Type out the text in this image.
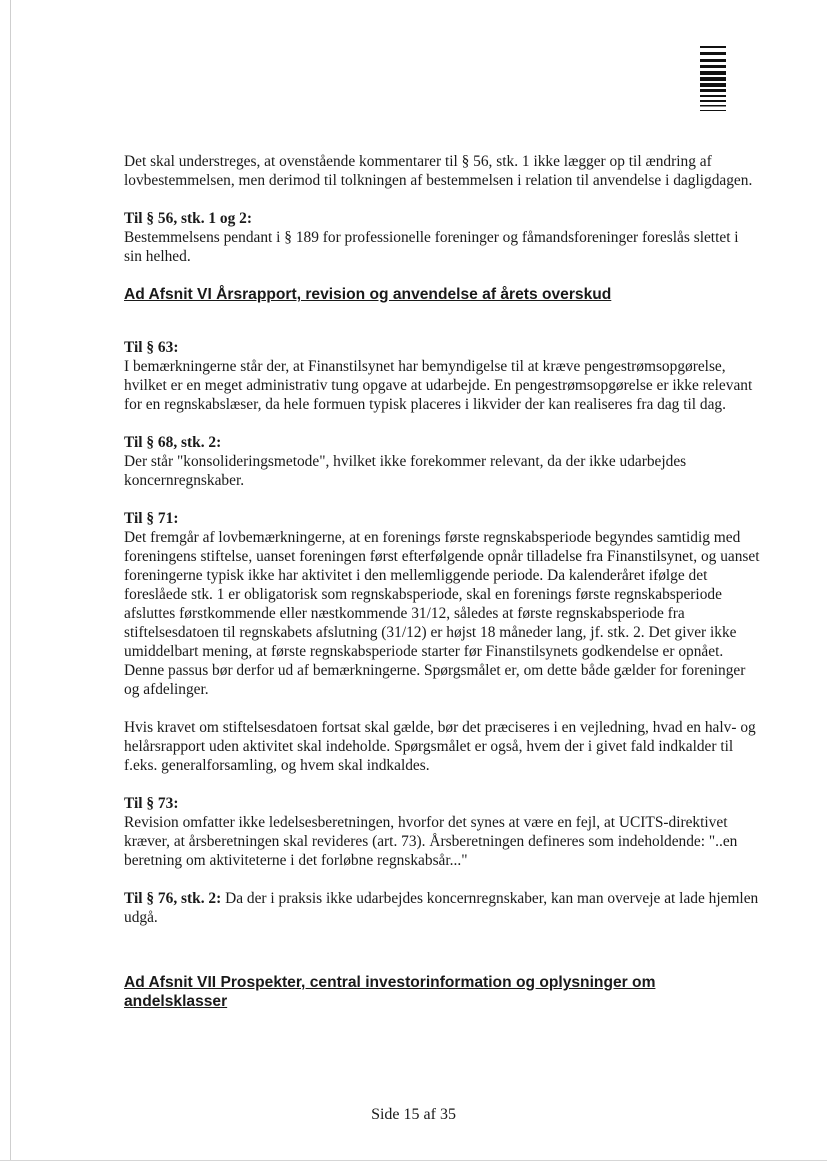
Det skal understreges, at ovenstående kommentarer til § 56, stk. 1 ikke lægger op til ændring af lovbestemmelsen, men derimod til tolkningen af bestemmelsen i relation til anvendelse i dagligdagen.

Til § 56, stk. 1 og 2:

Bestemmelsens pendant i § 189 for professionelle foreninger og fåmandsforeninger foreslås slettet i sin helhed.

Ad Afsnit VI Årsrapport, revision og anvendelse af årets overskud

Til § 63:

I bemærkningerne står der, at Finanstilsynet har bemyndigelse til at kræve pengestrømsopgørelse, hvilket er en meget administrativ tung opgave at udarbejde. En pengestrømsopgørelse er ikke relevant for en regnskabslæser, da hele formuen typisk placeres i likvider der kan realiseres fra dag til dag.

Til § 68, stk. 2:

Der står "konsolideringsmetode", hvilket ikke forekommer relevant, da der ikke udarbejdes koncernregnskaber.

Til § 71:

Det fremgår af lovbemærkningerne, at en forenings første regnskabsperiode begyndes samtidig med foreningens stiftelse, uanset foreningen først efterfølgende opnår tilladelse fra Finanstilsynet, og uanset foreningerne typisk ikke har aktivitet i den mellemliggende periode. Da kalenderåret ifølge det foreslåede stk. 1 er obligatorisk som regnskabsperiode, skal en forenings første regnskabsperiode afsluttes førstkommende eller næstkommende 31/12, således at første regnskabsperiode fra stiftelsesdatoen til regnskabets afslutning (31/12) er højst 18 måneder lang, jf. stk. 2. Det giver ikke umiddelbart mening, at første regnskabsperiode starter før Finanstilsynets godkendelse er opnået. Denne passus bør derfor ud af bemærkningerne. Spørgsmålet er, om dette både gælder for foreninger og afdelinger.

Hvis kravet om stiftelsesdatoen fortsat skal gælde, bør det præciseres i en vejledning, hvad en halv- og helårsrapport uden aktivitet skal indeholde. Spørgsmålet er også, hvem der i givet fald indkalder til f.eks. generalforsamling, og hvem skal indkaldes.

Til § 73:

Revision omfatter ikke ledelsesberetningen, hvorfor det synes at være en fejl, at UCITS-direktivet kræver, at årsberetningen skal revideres (art. 73). Årsberetningen defineres som indeholdende: "..en beretning om aktiviteterne i det forløbne regnskabsår..."

Til § 76, stk. 2: Da der i praksis ikke udarbejdes koncernregnskaber, kan man overveje at lade hjemlen udgå.

Ad Afsnit VII Prospekter, central investorinformation og oplysninger om andelsklasser

Side 15 af 35
